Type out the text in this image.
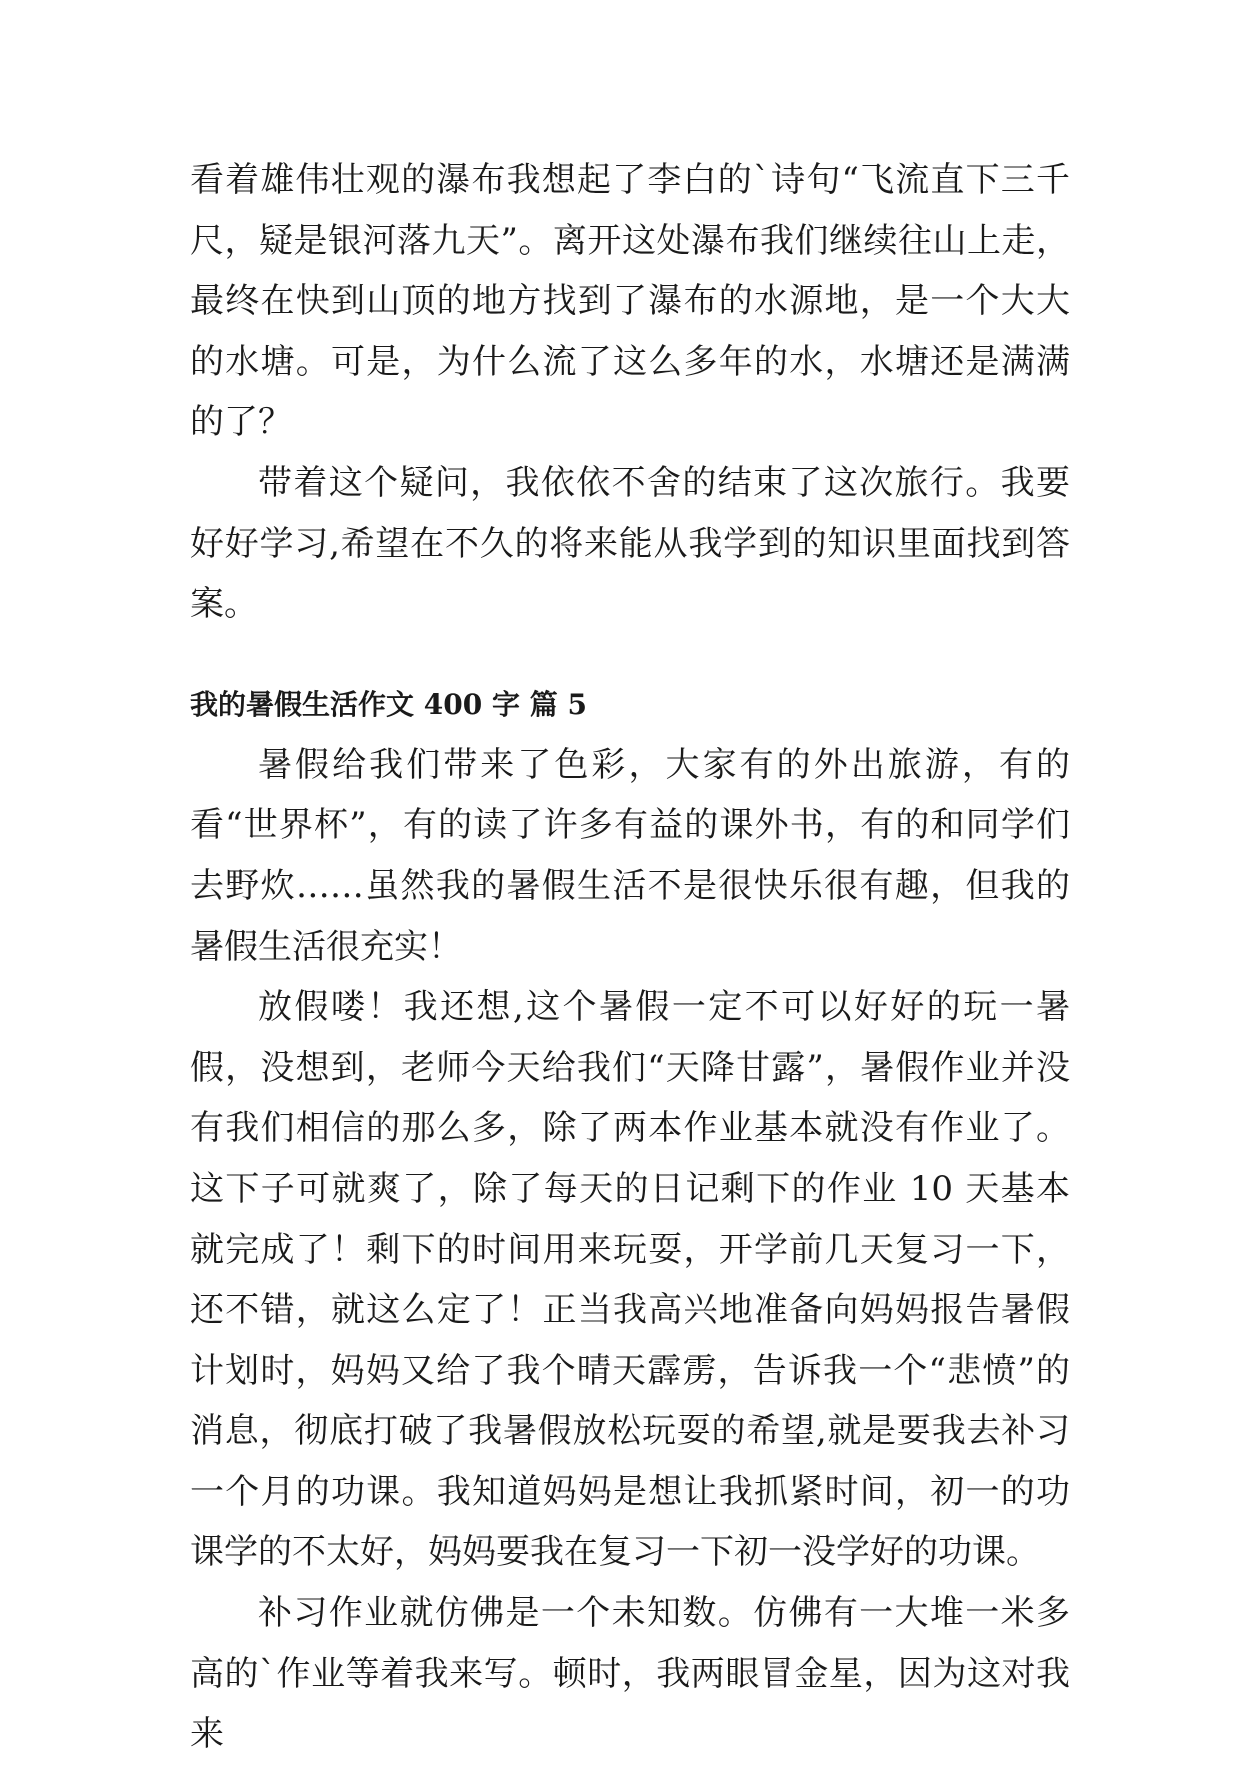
看着雄伟壮观的瀑布我想起了李白的`诗句“飞流直下三千尺，疑是银河落九天”。离开这处瀑布我们继续往山上走，最终在快到山顶的地方找到了瀑布的水源地，是一个大大的水塘。可是，为什么流了这么多年的水，水塘还是满满的了？

带着这个疑问，我依依不舍的结束了这次旅行。我要好好学习,希望在不久的将来能从我学到的知识里面找到答案。

我的暑假生活作文 400 字 篇 5

暑假给我们带来了色彩，大家有的外出旅游，有的看“世界杯”，有的读了许多有益的课外书，有的和同学们去野炊……虽然我的暑假生活不是很快乐很有趣，但我的暑假生活很充实！

放假喽！我还想,这个暑假一定不可以好好的玩一暑假，没想到，老师今天给我们“天降甘露”，暑假作业并没有我们相信的那么多，除了两本作业基本就没有作业了。这下子可就爽了，除了每天的日记剩下的作业 10 天基本就完成了！剩下的时间用来玩耍，开学前几天复习一下，还不错，就这么定了！正当我高兴地准备向妈妈报告暑假计划时，妈妈又给了我个晴天霹雳，告诉我一个“悲愤”的消息，彻底打破了我暑假放松玩耍的希望,就是要我去补习一个月的功课。我知道妈妈是想让我抓紧时间，初一的功课学的不太好，妈妈要我在复习一下初一没学好的功课。

补习作业就仿佛是一个未知数。仿佛有一大堆一米多高的`作业等着我来写。顿时，我两眼冒金星，因为这对我来
